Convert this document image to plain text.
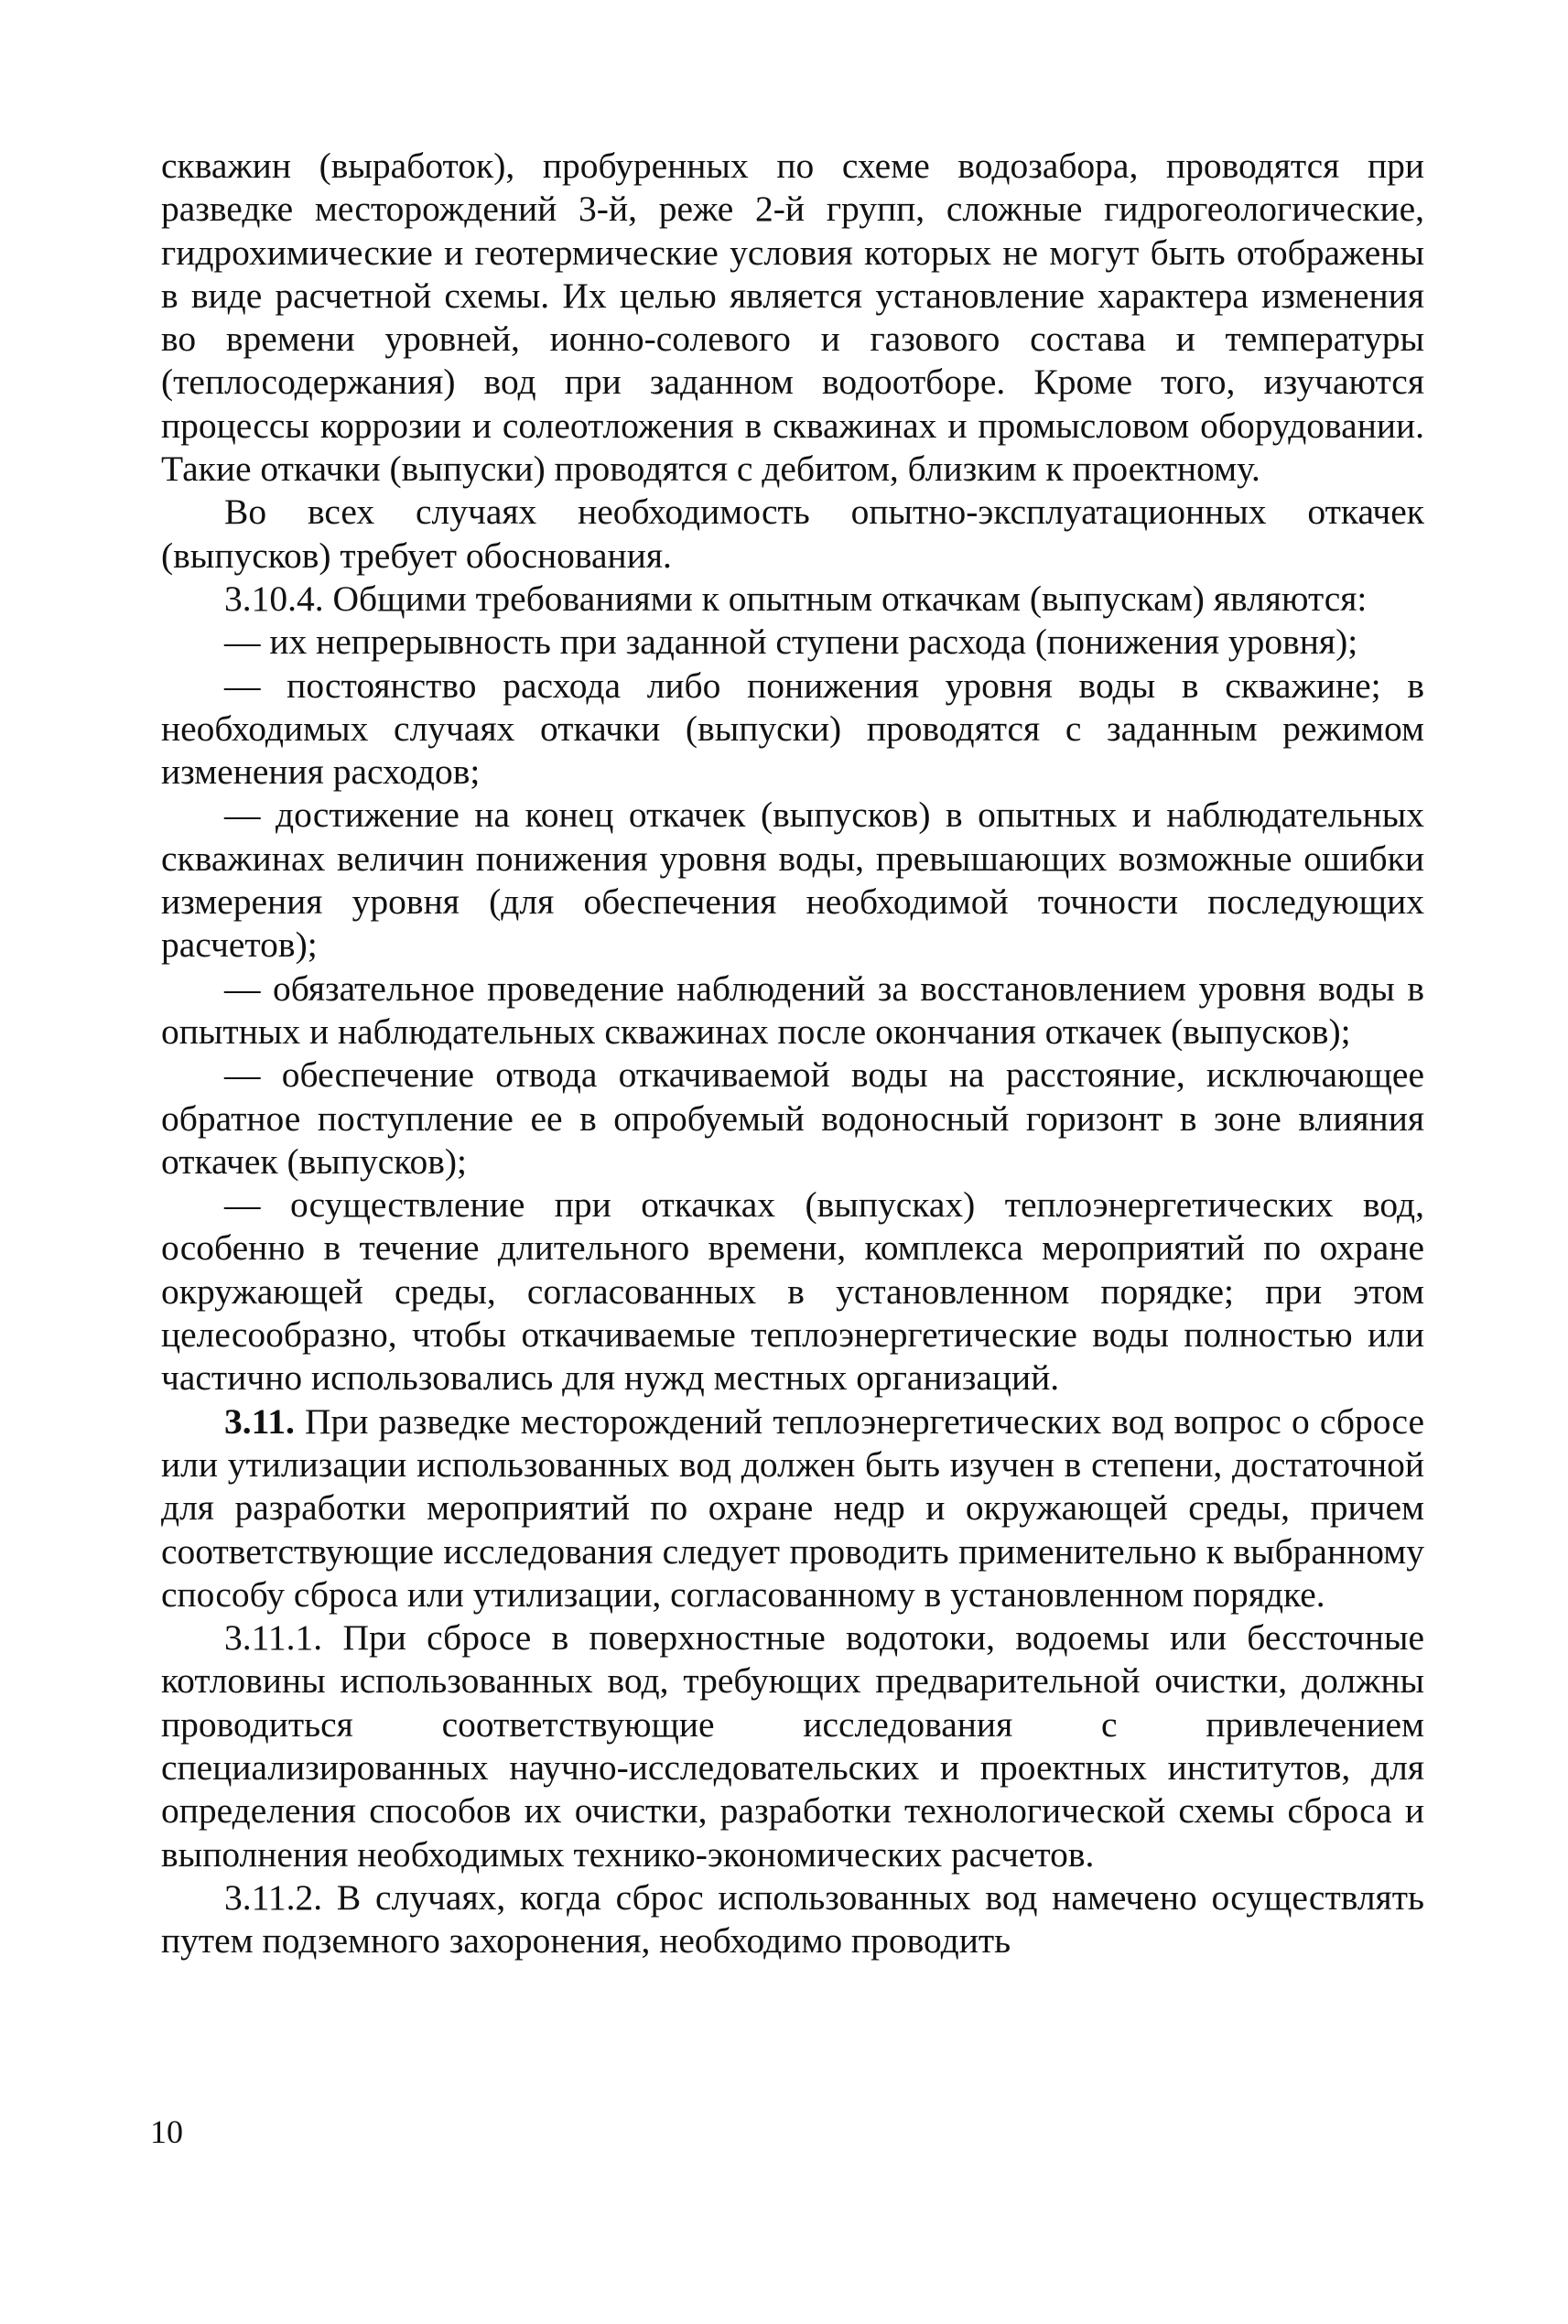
скважин (выработок), пробуренных по схеме водозабора, проводятся при разведке месторождений 3-й, реже 2-й групп, сложные гидрогеологические, гидрохимические и геотермические условия которых не могут быть отображены в виде расчетной схемы. Их целью является установление характера изменения во времени уровней, ионно-солевого и газового состава и температуры (теплосодержания) вод при заданном водоотборе. Кроме того, изучаются процессы коррозии и солеотложения в скважинах и промысловом оборудовании. Такие откачки (выпуски) проводятся с дебитом, близким к проектному.

Во всех случаях необходимость опытно-эксплуатационных откачек (выпусков) требует обоснования.

3.10.4. Общими требованиями к опытным откачкам (выпускам) являются:

— их непрерывность при заданной ступени расхода (понижения уровня);

— постоянство расхода либо понижения уровня воды в скважине; в необходимых случаях откачки (выпуски) проводятся с заданным режимом изменения расходов;

— достижение на конец откачек (выпусков) в опытных и наблюдательных скважинах величин понижения уровня воды, превышающих возможные ошибки измерения уровня (для обеспечения необходимой точности последующих расчетов);

— обязательное проведение наблюдений за восстановлением уровня воды в опытных и наблюдательных скважинах после окончания откачек (выпусков);

— обеспечение отвода откачиваемой воды на расстояние, исключающее обратное поступление ее в опробуемый водоносный горизонт в зоне влияния откачек (выпусков);

— осуществление при откачках (выпусках) теплоэнергетических вод, особенно в течение длительного времени, комплекса мероприятий по охране окружающей среды, согласованных в установленном порядке; при этом целесообразно, чтобы откачиваемые теплоэнергетические воды полностью или частично использовались для нужд местных организаций.

3.11. При разведке месторождений теплоэнергетических вод вопрос о сбросе или утилизации использованных вод должен быть изучен в степени, достаточной для разработки мероприятий по охране недр и окружающей среды, причем соответствующие исследования следует проводить применительно к выбранному способу сброса или утилизации, согласованному в установленном порядке.

3.11.1. При сбросе в поверхностные водотоки, водоемы или бессточные котловины использованных вод, требующих предварительной очистки, должны проводиться соответствующие исследования с привлечением специализированных научно-исследовательских и проектных институтов, для определения способов их очистки, разработки технологической схемы сброса и выполнения необходимых технико-экономических расчетов.

3.11.2. В случаях, когда сброс использованных вод намечено осуществлять путем подземного захоронения, необходимо проводить

10
